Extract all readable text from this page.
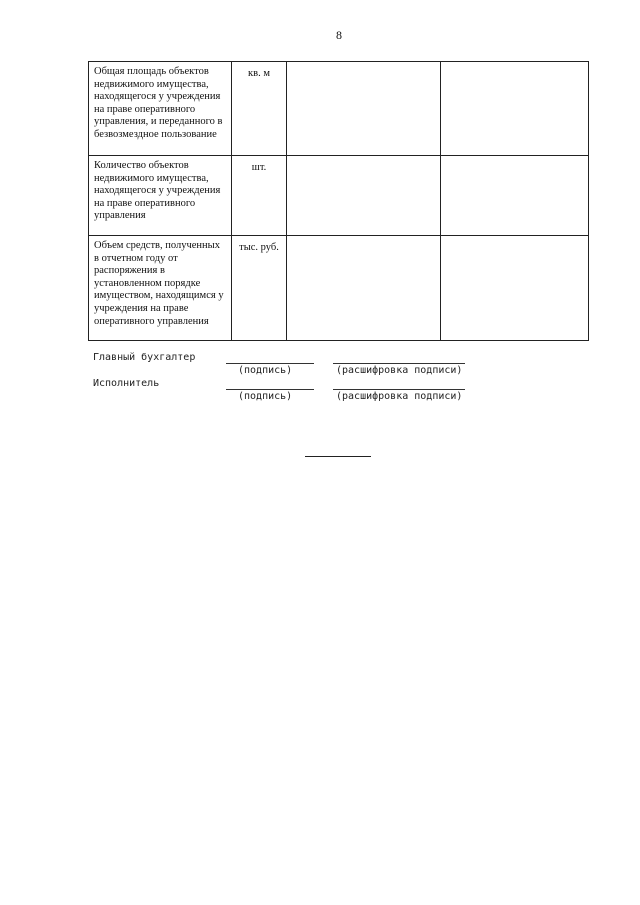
8
Общая площадь объектов недвижимого имущества, находящегося у учреждения на праве оперативного управления, и переданного в безвозмездное пользование	кв. м		
Количество объектов недвижимого имущества, находящегося у учреждения на праве оперативного управления	шт.		
Объем средств, полученных в отчетном году от распоряжения в установленном порядке имуществом, находящимся у учреждения на праве оперативного управления	тыс. руб.		
Главный бухгалтер
(подпись)	(расшифровка подписи)
Исполнитель
(подпись)	(расшифровка подписи)
